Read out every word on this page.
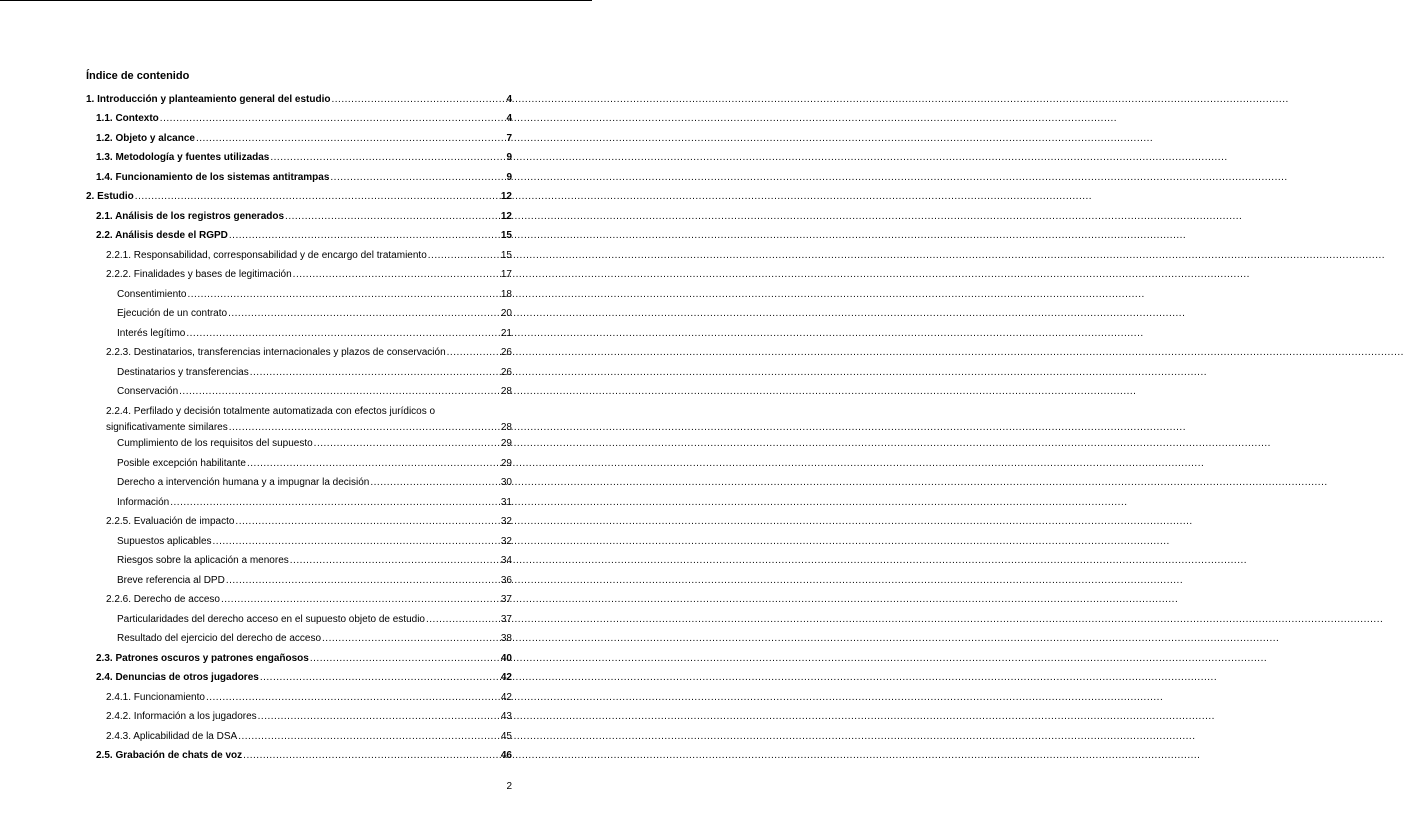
Índice de contenido
1. Introducción y planteamiento general del estudio .....	4
1.1. Contexto .....	4
1.2. Objeto y alcance .....	7
1.3. Metodología y fuentes utilizadas .....	9
1.4. Funcionamiento de los sistemas antitrampas .....	9
2. Estudio .....	12
2.1. Análisis de los registros generados .....	12
2.2. Análisis desde el RGPD .....	15
2.2.1. Responsabilidad, corresponsabilidad y de encargo del tratamiento .....	15
2.2.2. Finalidades y bases de legitimación .....	17
Consentimiento .....	18
Ejecución de un contrato .....	20
Interés legítimo .....	21
2.2.3. Destinatarios, transferencias internacionales y plazos de conservación .....	26
Destinatarios y transferencias .....	26
Conservación .....	28
2.2.4. Perfilado y decisión totalmente automatizada con efectos jurídicos o
significativamente similares .....	28
Cumplimiento de los requisitos del supuesto .....	29
Posible excepción habilitante .....	29
Derecho a intervención humana y a impugnar la decisión .....	30
Información .....	31
2.2.5. Evaluación de impacto .....	32
Supuestos aplicables .....	32
Riesgos sobre la aplicación a menores .....	34
Breve referencia al DPD .....	36
2.2.6. Derecho de acceso .....	37
Particularidades del derecho acceso en el supuesto objeto de estudio .....	37
Resultado del ejercicio del derecho de acceso .....	38
2.3. Patrones oscuros y patrones engañosos .....	40
2.4. Denuncias de otros jugadores .....	42
2.4.1. Funcionamiento .....	42
2.4.2. Información a los jugadores .....	43
2.4.3. Aplicabilidad de la DSA .....	45
2.5. Grabación de chats de voz .....	46
2
